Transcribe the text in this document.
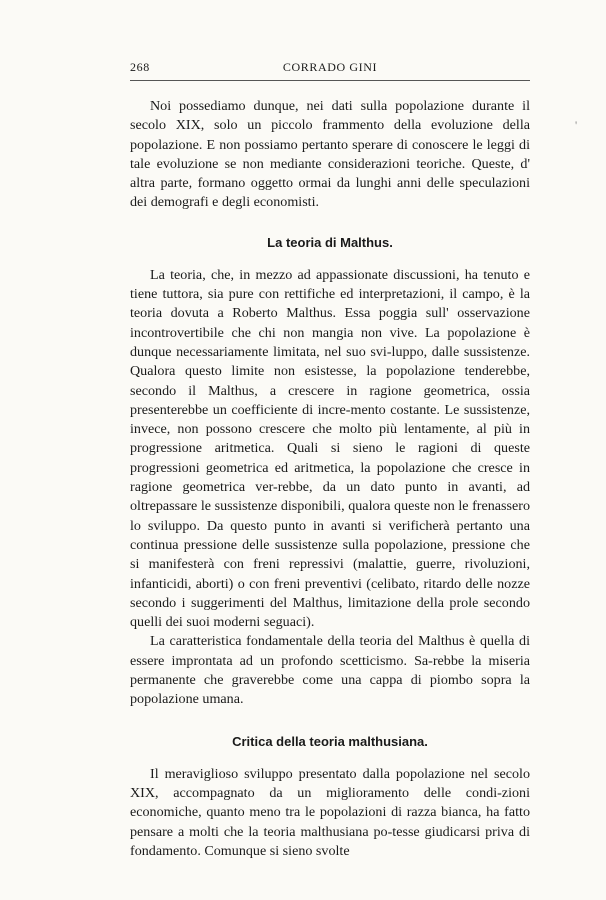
'
268	CORRADO GINI

Noi possediamo dunque, nei dati sulla popolazione durante il secolo XIX, solo un piccolo frammento della evoluzione della popolazione. E non possiamo pertanto sperare di conoscere le leggi di tale evoluzione se non mediante considerazioni teoriche. Queste, d' altra parte, formano oggetto ormai da lunghi anni delle speculazioni dei demografi e degli economisti.

La teoria di Malthus.

La teoria, che, in mezzo ad appassionate discussioni, ha tenuto e tiene tuttora, sia pure con rettifiche ed interpretazioni, il campo, è la teoria dovuta a Roberto Malthus. Essa poggia sull' osservazione incontrovertibile che chi non mangia non vive. La popolazione è dunque necessariamente limitata, nel suo svi-luppo, dalle sussistenze. Qualora questo limite non esistesse, la popolazione tenderebbe, secondo il Malthus, a crescere in ragione geometrica, ossia presenterebbe un coefficiente di incre-mento costante. Le sussistenze, invece, non possono crescere che molto più lentamente, al più in progressione aritmetica. Quali si sieno le ragioni di queste progressioni geometrica ed aritmetica, la popolazione che cresce in ragione geometrica ver-rebbe, da un dato punto in avanti, ad oltrepassare le sussistenze disponibili, qualora queste non le frenassero lo sviluppo. Da questo punto in avanti si verificherà pertanto una continua pressione delle sussistenze sulla popolazione, pressione che si manifesterà con freni repressivi (malattie, guerre, rivoluzioni, infanticidi, aborti) o con freni preventivi (celibato, ritardo delle nozze secondo i suggerimenti del Malthus, limitazione della prole secondo quelli dei suoi moderni seguaci).

La caratteristica fondamentale della teoria del Malthus è quella di essere improntata ad un profondo scetticismo. Sa-rebbe la miseria permanente che graverebbe come una cappa di piombo sopra la popolazione umana.

Critica della teoria malthusiana.

Il meraviglioso sviluppo presentato dalla popolazione nel secolo XIX, accompagnato da un miglioramento delle condi-zioni economiche, quanto meno tra le popolazioni di razza bianca, ha fatto pensare a molti che la teoria malthusiana po-tesse giudicarsi priva di fondamento. Comunque si sieno svolte
